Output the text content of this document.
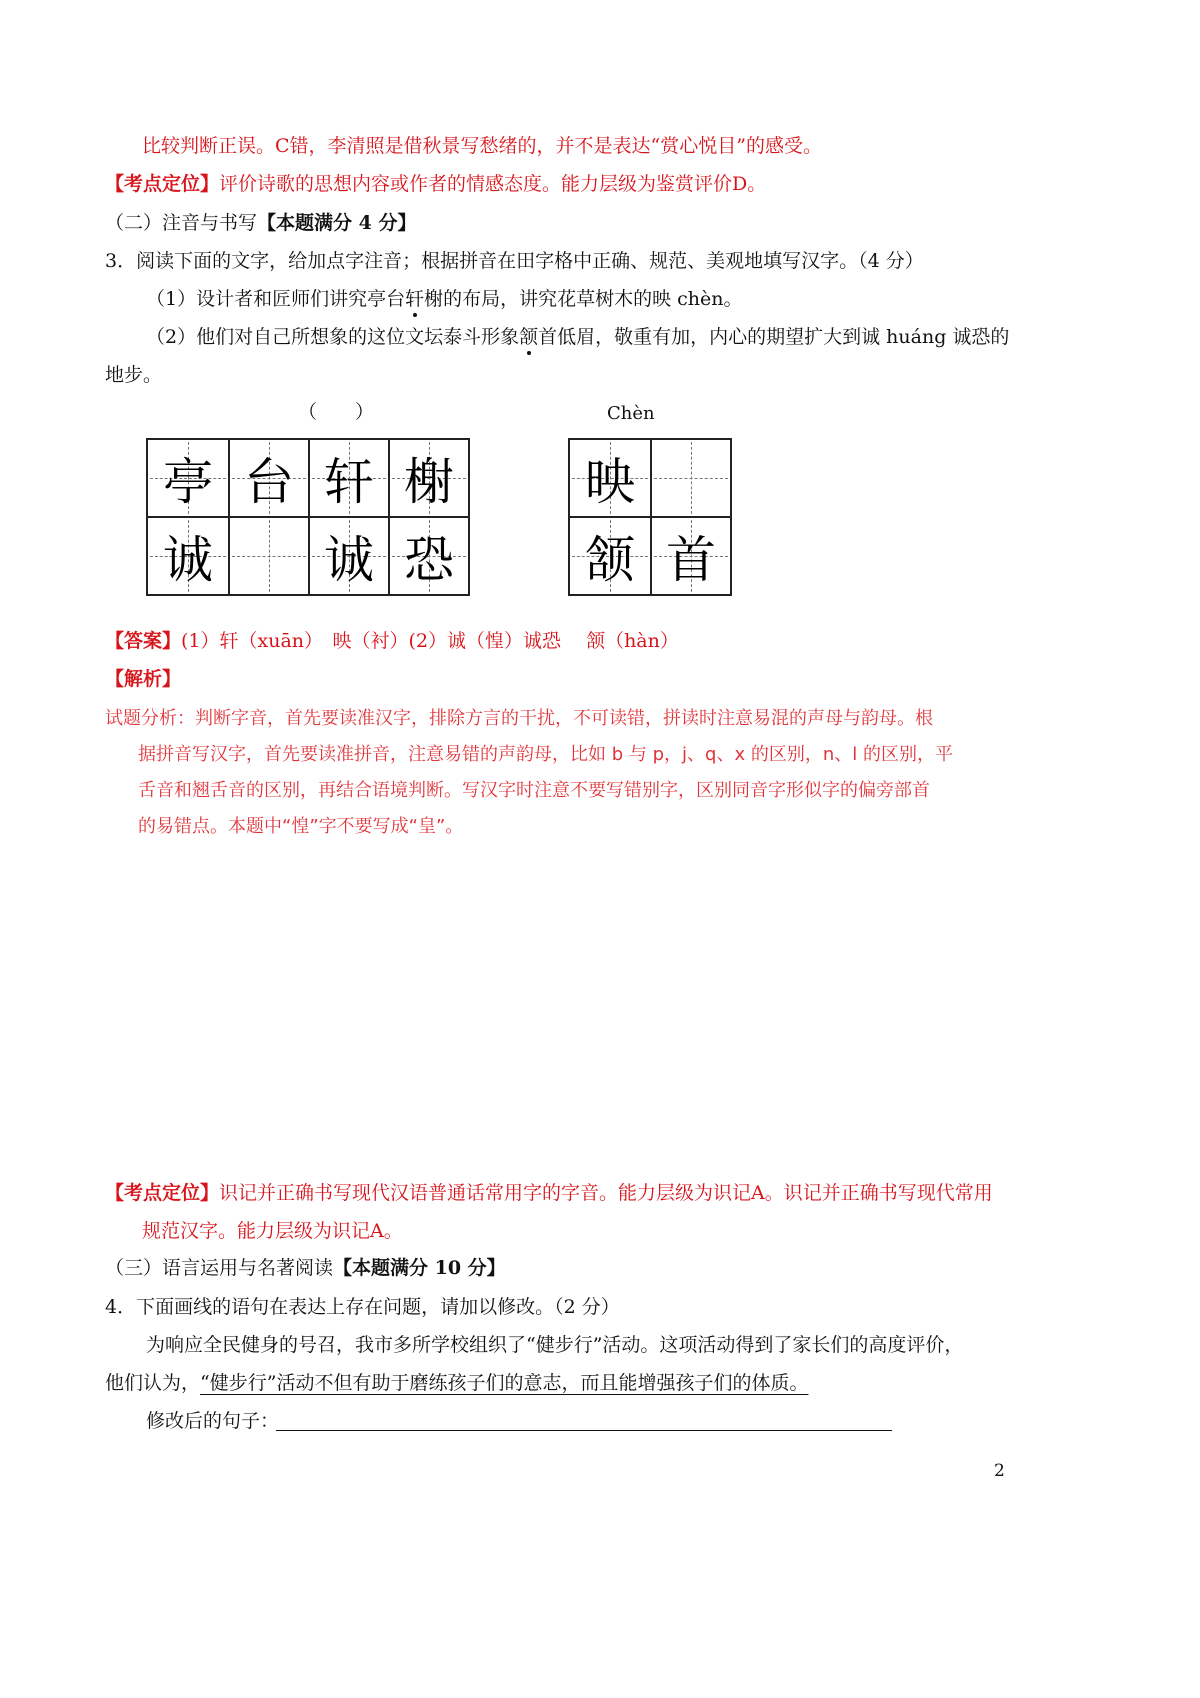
比较判断正误。C错，李清照是借秋景写愁绪的，并不是表达“赏心悦目”的感受。
【考点定位】评价诗歌的思想内容或作者的情感态度。能力层级为鉴赏评价D。
（二）注音与书写【本题满分 4 分】
3．阅读下面的文字，给加点字注音；根据拼音在田字格中正确、规范、美观地填写汉字。（4 分）
（1）设计者和匠师们讲究亭台轩榭的布局，讲究花草树木的映 chèn。
（2）他们对自己所想象的这位文坛泰斗形象颔首低眉，敬重有加，内心的期望扩大到诚 huáng 诚恐的
地步。
（　　）	Chèn
亭 台 轩 榭
诚 诚 恐
映
颔 首
【答案】(1）轩（xuān）　映（衬）(2）诚（惶）诚恐　 颔（hàn）
【解析】
试题分析：判断字音，首先要读准汉字，排除方言的干扰，不可读错，拼读时注意易混的声母与韵母。根
据拼音写汉字，首先要读准拼音，注意易错的声韵母，比如 b 与 p，j、q、x 的区别，n、l 的区别，平
舌音和翘舌音的区别，再结合语境判断。写汉字时注意不要写错别字，区别同音字形似字的偏旁部首
的易错点。本题中“惶”字不要写成“皇”。
【考点定位】识记并正确书写现代汉语普通话常用字的字音。能力层级为识记A。识记并正确书写现代常用
规范汉字。能力层级为识记A。
（三）语言运用与名著阅读【本题满分 10 分】
4．下面画线的语句在表达上存在问题，请加以修改。（2 分）
为响应全民健身的号召，我市多所学校组织了“健步行”活动。这项活动得到了家长们的高度评价，
他们认为，“健步行”活动不但有助于磨练孩子们的意志，而且能增强孩子们的体质。
修改后的句子：
2
